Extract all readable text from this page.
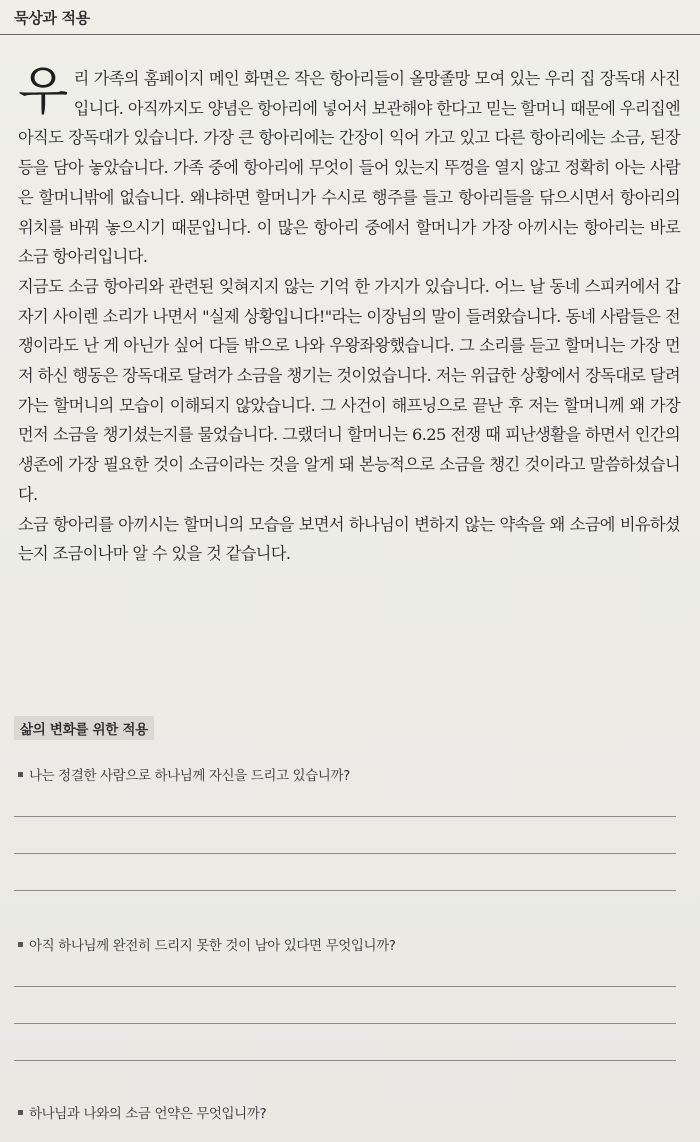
묵상과 적용

우리 가족의 홈페이지 메인 화면은 작은 항아리들이 올망졸망 모여 있는 우리 집 장독대 사진입니다. 아직까지도 양념은 항아리에 넣어서 보관해야 한다고 믿는 할머니 때문에 우리집엔 아직도 장독대가 있습니다. 가장 큰 항아리에는 간장이 익어 가고 있고 다른 항아리에는 소금, 된장 등을 담아 놓았습니다. 가족 중에 항아리에 무엇이 들어 있는지 뚜껑을 열지 않고 정확히 아는 사람은 할머니밖에 없습니다. 왜냐하면 할머니가 수시로 행주를 들고 항아리들을 닦으시면서 항아리의 위치를 바꿔 놓으시기 때문입니다. 이 많은 항아리 중에서 할머니가 가장 아끼시는 항아리는 바로 소금 항아리입니다.

지금도 소금 항아리와 관련된 잊혀지지 않는 기억 한 가지가 있습니다. 어느 날 동네 스피커에서 갑자기 사이렌 소리가 나면서 "실제 상황입니다!"라는 이장님의 말이 들려왔습니다. 동네 사람들은 전쟁이라도 난 게 아닌가 싶어 다들 밖으로 나와 우왕좌왕했습니다. 그 소리를 듣고 할머니는 가장 먼저 하신 행동은 장독대로 달려가 소금을 챙기는 것이었습니다. 저는 위급한 상황에서 장독대로 달려가는 할머니의 모습이 이해되지 않았습니다. 그 사건이 해프닝으로 끝난 후 저는 할머니께 왜 가장 먼저 소금을 챙기셨는지를 물었습니다. 그랬더니 할머니는 6.25 전쟁 때 피난생활을 하면서 인간의 생존에 가장 필요한 것이 소금이라는 것을 알게 돼 본능적으로 소금을 챙긴 것이라고 말씀하셨습니다.

소금 항아리를 아끼시는 할머니의 모습을 보면서 하나님이 변하지 않는 약속을 왜 소금에 비유하셨는지 조금이나마 알 수 있을 것 같습니다.

삶의 변화를 위한 적용
나는 정결한 사람으로 하나님께 자신을 드리고 있습니까?
아직 하나님께 완전히 드리지 못한 것이 남아 있다면 무엇입니까?
하나님과 나와의 소금 언약은 무엇입니까?
